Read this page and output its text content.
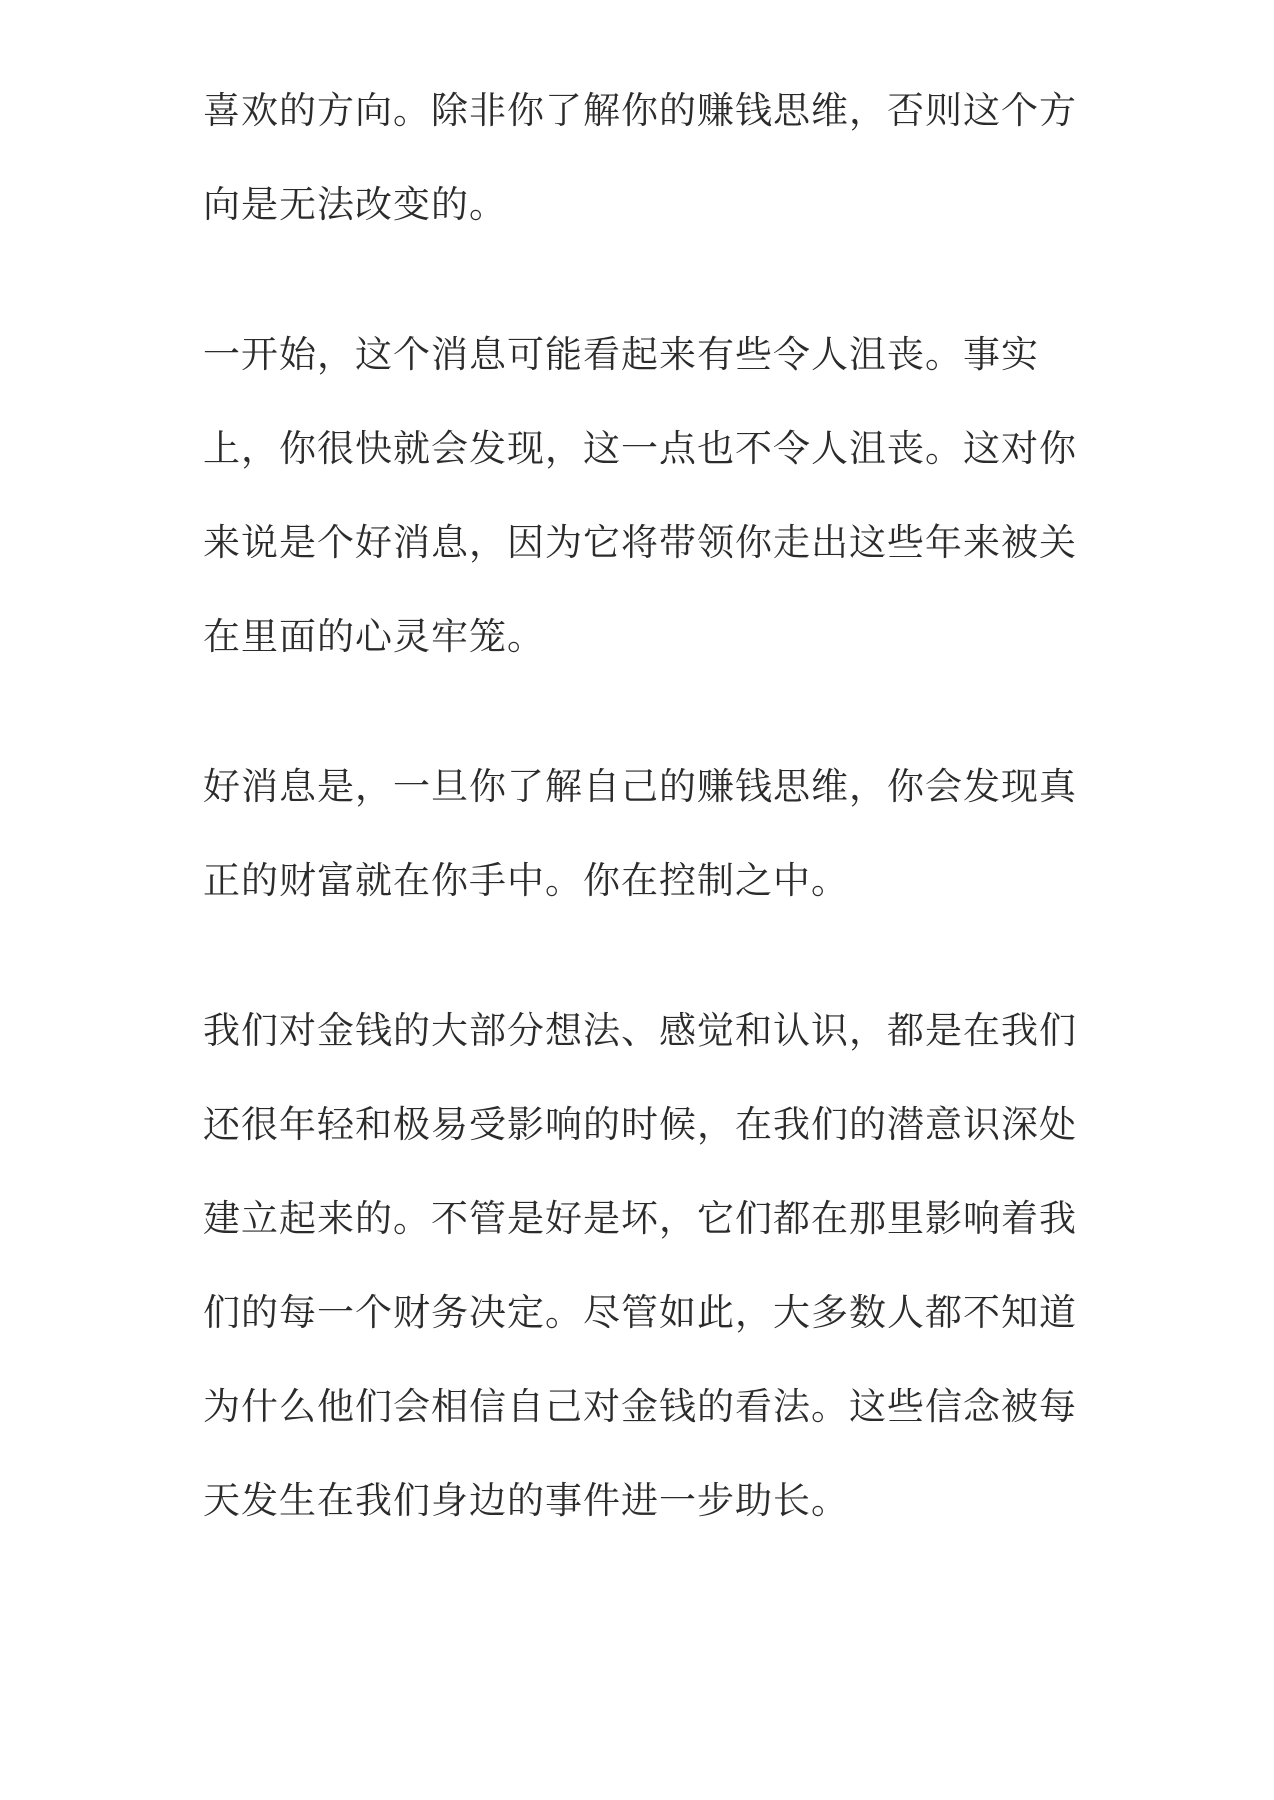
喜欢的方向。除非你了解你的赚钱思维，否则这个方
向是无法改变的。
一开始，这个消息可能看起来有些令人沮丧。事实
上，你很快就会发现，这一点也不令人沮丧。这对你
来说是个好消息，因为它将带领你走出这些年来被关
在里面的心灵牢笼。
好消息是，一旦你了解自己的赚钱思维，你会发现真
正的财富就在你手中。你在控制之中。
我们对金钱的大部分想法、感觉和认识，都是在我们
还很年轻和极易受影响的时候，在我们的潜意识深处
建立起来的。不管是好是坏，它们都在那里影响着我
们的每一个财务决定。尽管如此，大多数人都不知道
为什么他们会相信自己对金钱的看法。这些信念被每
天发生在我们身边的事件进一步助长。
